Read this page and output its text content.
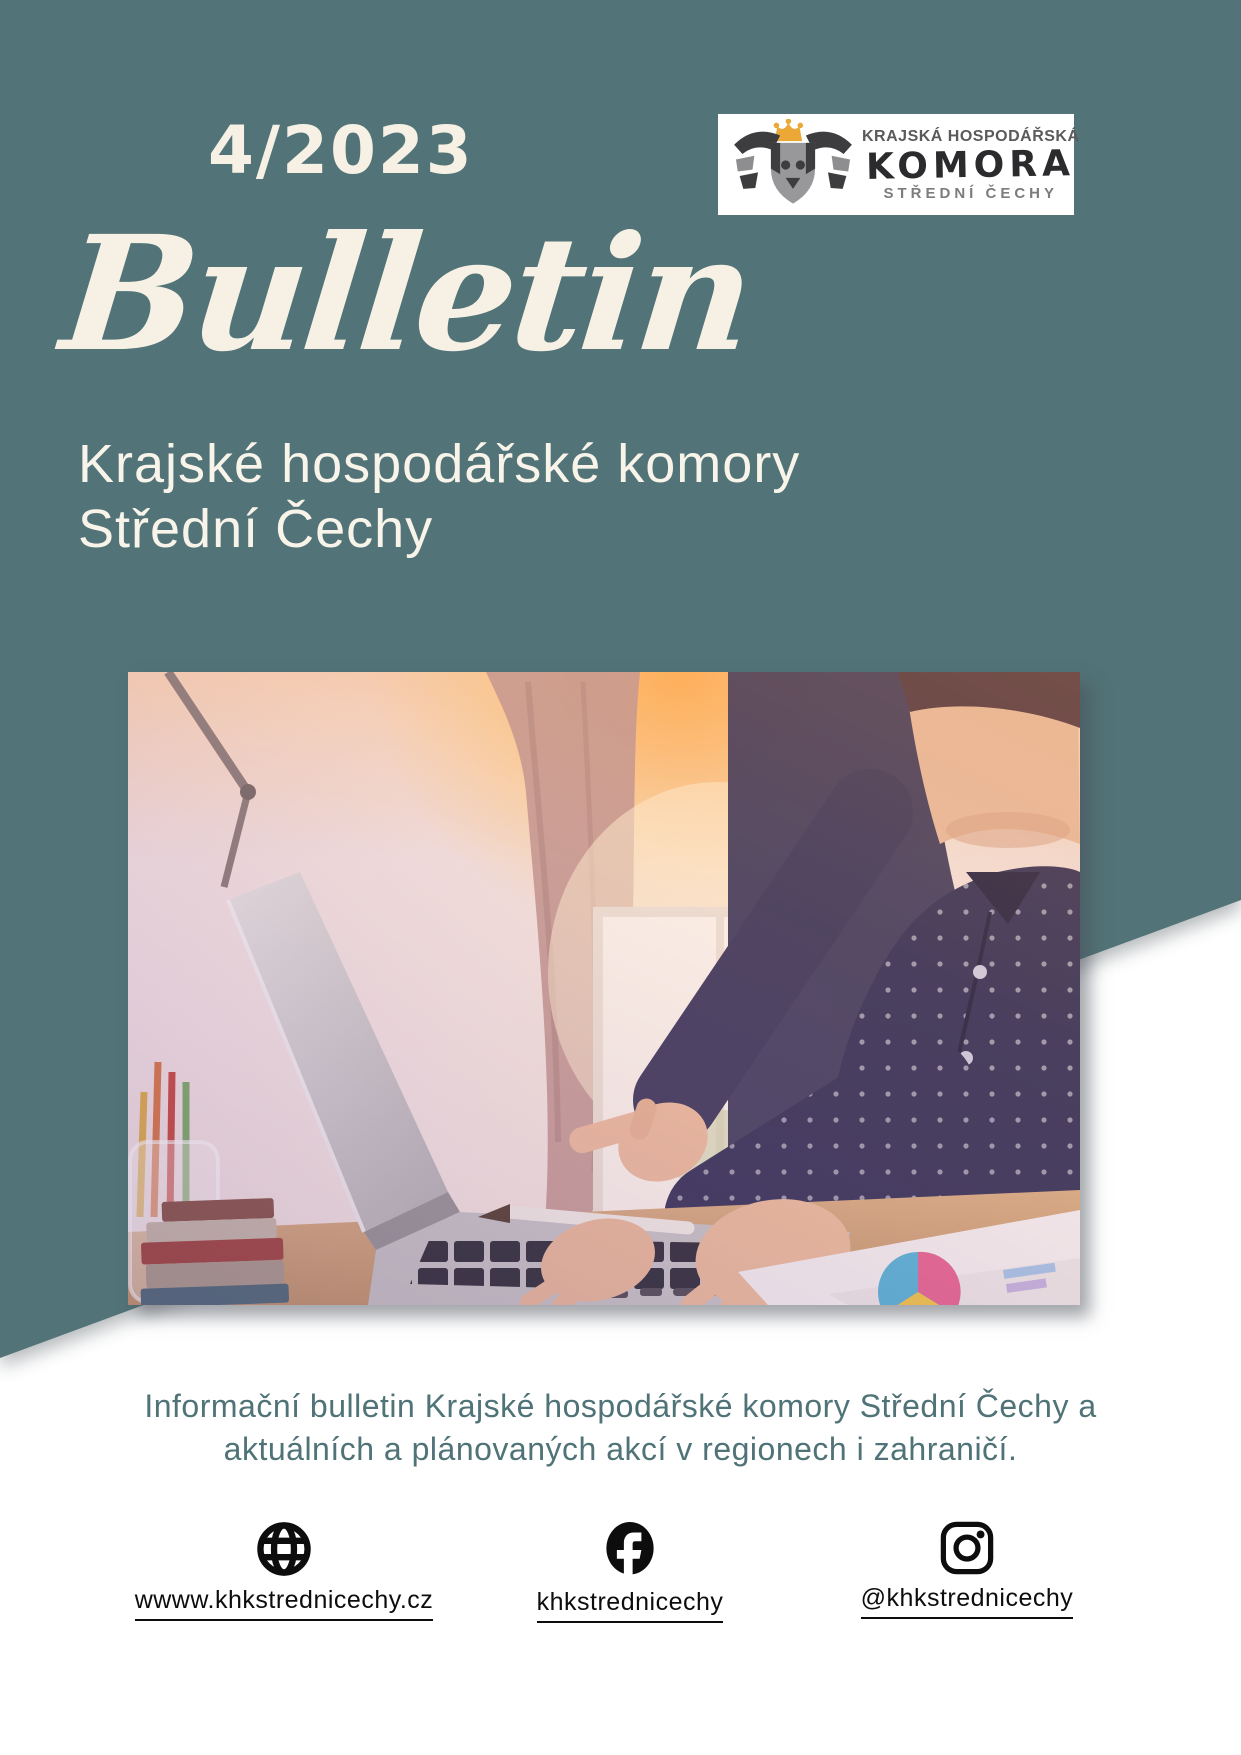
4/2023	KRAJSKÁ HOSPODÁŘSKÁ
KOMORA
STŘEDNÍ ČECHY
Bulletin
Krajské hospodářské komory
Střední Čechy
Informační bulletin Krajské hospodářské komory Střední Čechy a
aktuálních a plánovaných akcí v regionech i zahraničí.
wwww.khkstrednicechy.cz	khkstrednicechy	@khkstrednicechy
